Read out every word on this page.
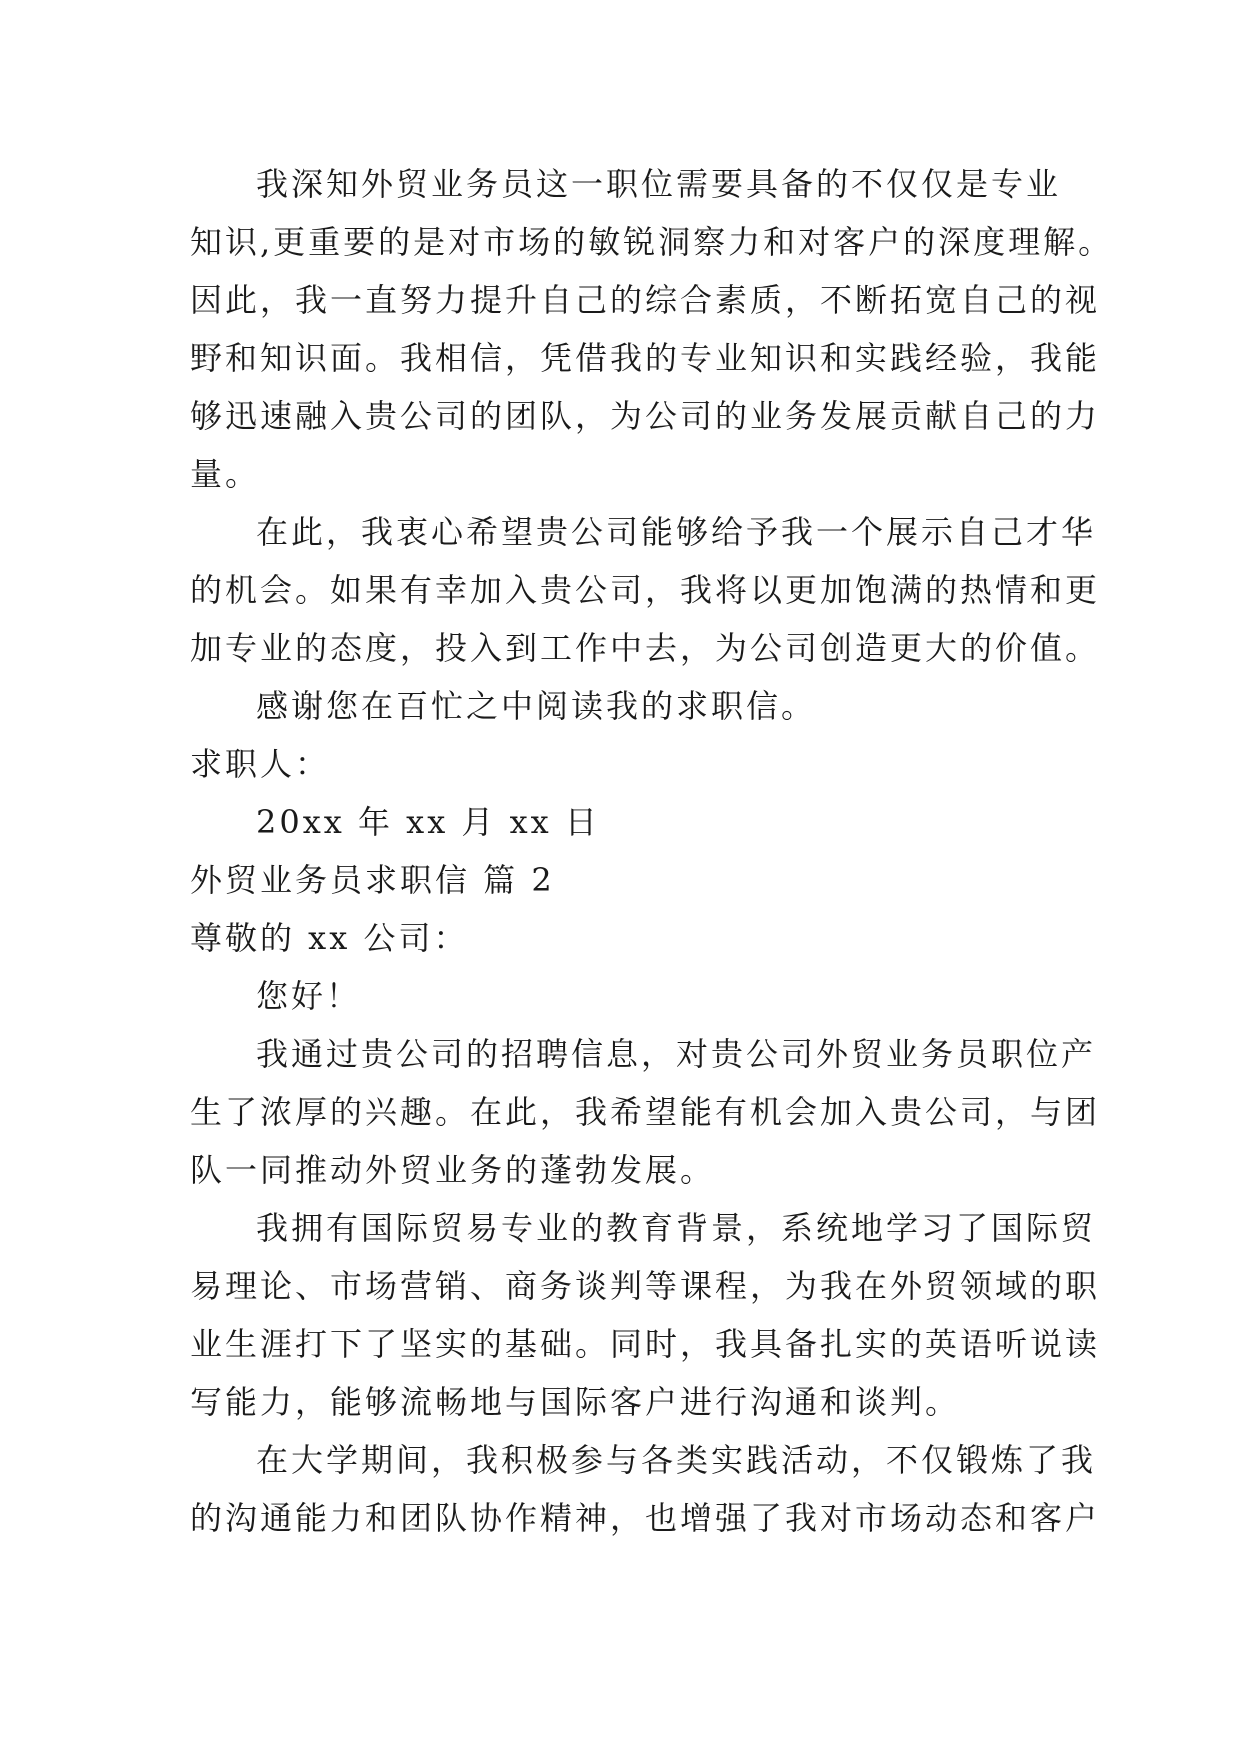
我深知外贸业务员这一职位需要具备的不仅仅是专业
知识,更重要的是对市场的敏锐洞察力和对客户的深度理解。
因此，我一直努力提升自己的综合素质，不断拓宽自己的视
野和知识面。我相信，凭借我的专业知识和实践经验，我能
够迅速融入贵公司的团队，为公司的业务发展贡献自己的力
量。
在此，我衷心希望贵公司能够给予我一个展示自己才华
的机会。如果有幸加入贵公司，我将以更加饱满的热情和更
加专业的态度，投入到工作中去，为公司创造更大的价值。
感谢您在百忙之中阅读我的求职信。
求职人：
20xx 年 xx 月 xx 日
外贸业务员求职信 篇 2
尊敬的 xx 公司：
您好！
我通过贵公司的招聘信息，对贵公司外贸业务员职位产
生了浓厚的兴趣。在此，我希望能有机会加入贵公司，与团
队一同推动外贸业务的蓬勃发展。
我拥有国际贸易专业的教育背景，系统地学习了国际贸
易理论、市场营销、商务谈判等课程，为我在外贸领域的职
业生涯打下了坚实的基础。同时，我具备扎实的英语听说读
写能力，能够流畅地与国际客户进行沟通和谈判。
在大学期间，我积极参与各类实践活动，不仅锻炼了我
的沟通能力和团队协作精神，也增强了我对市场动态和客户
